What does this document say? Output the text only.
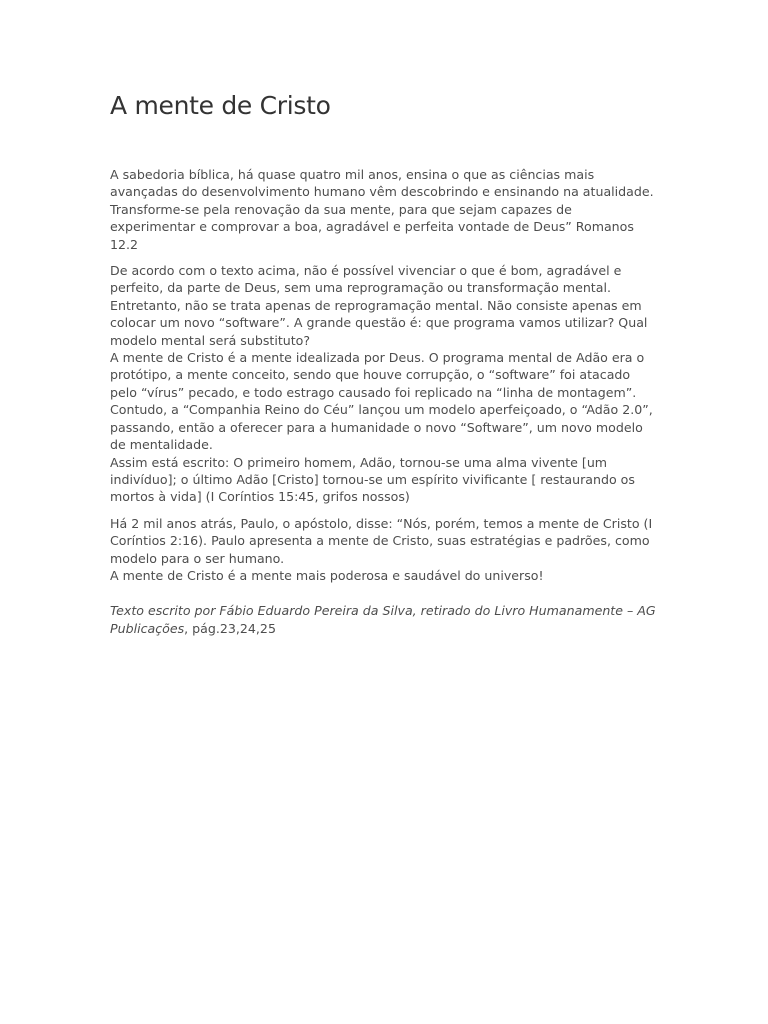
A mente de Cristo
A sabedoria bíblica, há quase quatro mil anos, ensina o que as ciências mais avançadas do desenvolvimento humano vêm descobrindo e ensinando na atualidade.
Transforme-se pela renovação da sua mente, para que sejam capazes de experimentar e comprovar a boa, agradável e perfeita vontade de Deus” Romanos 12.2
De acordo com o texto acima, não é possível vivenciar o que é bom, agradável e perfeito, da parte de Deus, sem uma reprogramação ou transformação mental. Entretanto, não se trata apenas de reprogramação mental. Não consiste apenas em colocar um novo “software”. A grande questão é: que programa vamos utilizar? Qual modelo mental será substituto?
A mente de Cristo é a mente idealizada por Deus. O programa mental de Adão era o protótipo, a mente conceito, sendo que houve corrupção, o “software” foi atacado pelo “vírus” pecado, e todo estrago causado foi replicado na “linha de montagem”. Contudo, a “Companhia Reino do Céu” lançou um modelo aperfeiçoado, o “Adão 2.0”, passando, então a oferecer para a humanidade o novo “Software”, um novo modelo de mentalidade.
Assim está escrito: O primeiro homem, Adão, tornou-se uma alma vivente [um indivíduo]; o último Adão [Cristo] tornou-se um espírito vivificante [ restaurando os mortos à vida] (I Coríntios 15:45, grifos nossos)
Há 2 mil anos atrás, Paulo, o apóstolo, disse: “Nós, porém, temos a mente de Cristo (I Coríntios 2:16). Paulo apresenta a mente de Cristo, suas estratégias e padrões, como modelo para o ser humano.
A mente de Cristo é a mente mais poderosa e saudável do universo!
Texto escrito por Fábio Eduardo Pereira da Silva, retirado do Livro Humanamente – AG Publicações, pág.23,24,25
